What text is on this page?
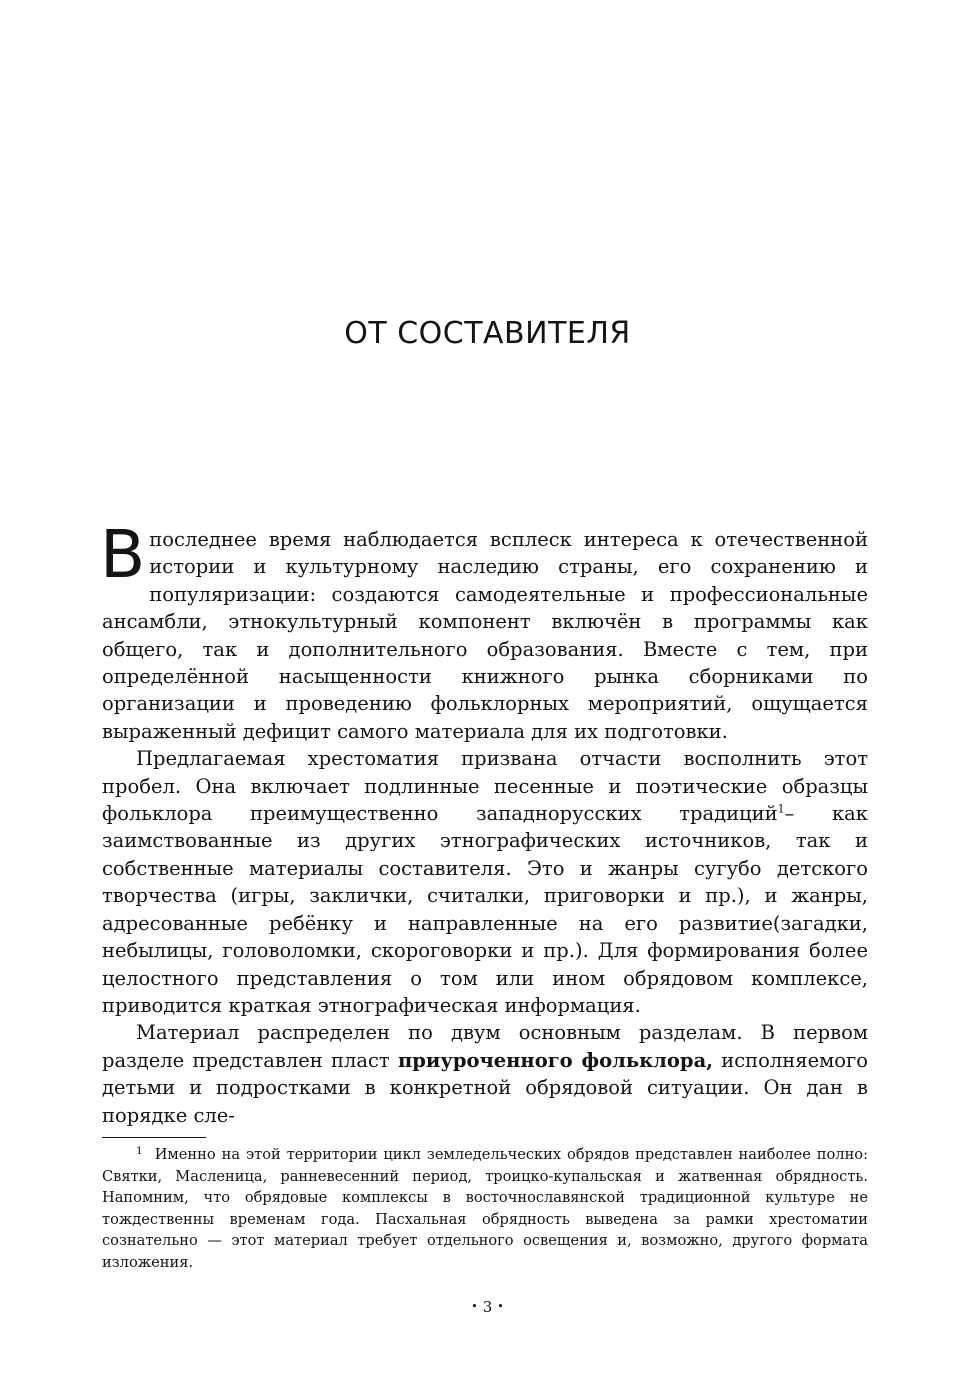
ОТ СОСТАВИТЕЛЯ

В последнее время наблюдается всплеск интереса к отечественной истории и культурному наследию страны, его сохранению и популяризации: создаются самодеятельные и профессиональные ансамбли, этнокультурный компонент включён в программы как общего, так и дополнительного образования. Вместе с тем, при определённой насыщенности книжного рынка сборниками по организации и проведению фольклорных мероприятий, ощущается выраженный дефицит самого материала для их подготовки.

Предлагаемая хрестоматия призвана отчасти восполнить этот пробел. Она включает подлинные песенные и поэтические образцы фольклора преимущественно западнорусских традиций$^1$– как заимствованные из других этнографических источников, так и собственные материалы составителя. Это и жанры сугубо детского творчества (игры, заклички, считалки, приговорки и пр.), и жанры, адресованные ребёнку и направленные на его развитие(загадки, небылицы, головоломки, скороговорки и пр.). Для формирования более целостного представления о том или ином обрядовом комплексе, приводится краткая этнографическая информация.

Материал распределен по двум основным разделам. В первом разделе представлен пласт приуроченного фольклора, исполняемого детьми и подростками в конкретной обрядовой ситуации. Он дан в порядке сле-

1 Именно на этой территории цикл земледельческих обрядов представлен наиболее полно: Святки, Масленица, ранневесенний период, троицко-купальская и жатвенная обрядность. Напомним, что обрядовые комплексы в восточнославянской традиционной культуре не тождественны временам года. Пасхальная обрядность выведена за рамки хрестоматии сознательно — этот материал требует отдельного освещения и, возможно, другого формата изложения.
• 3 •
